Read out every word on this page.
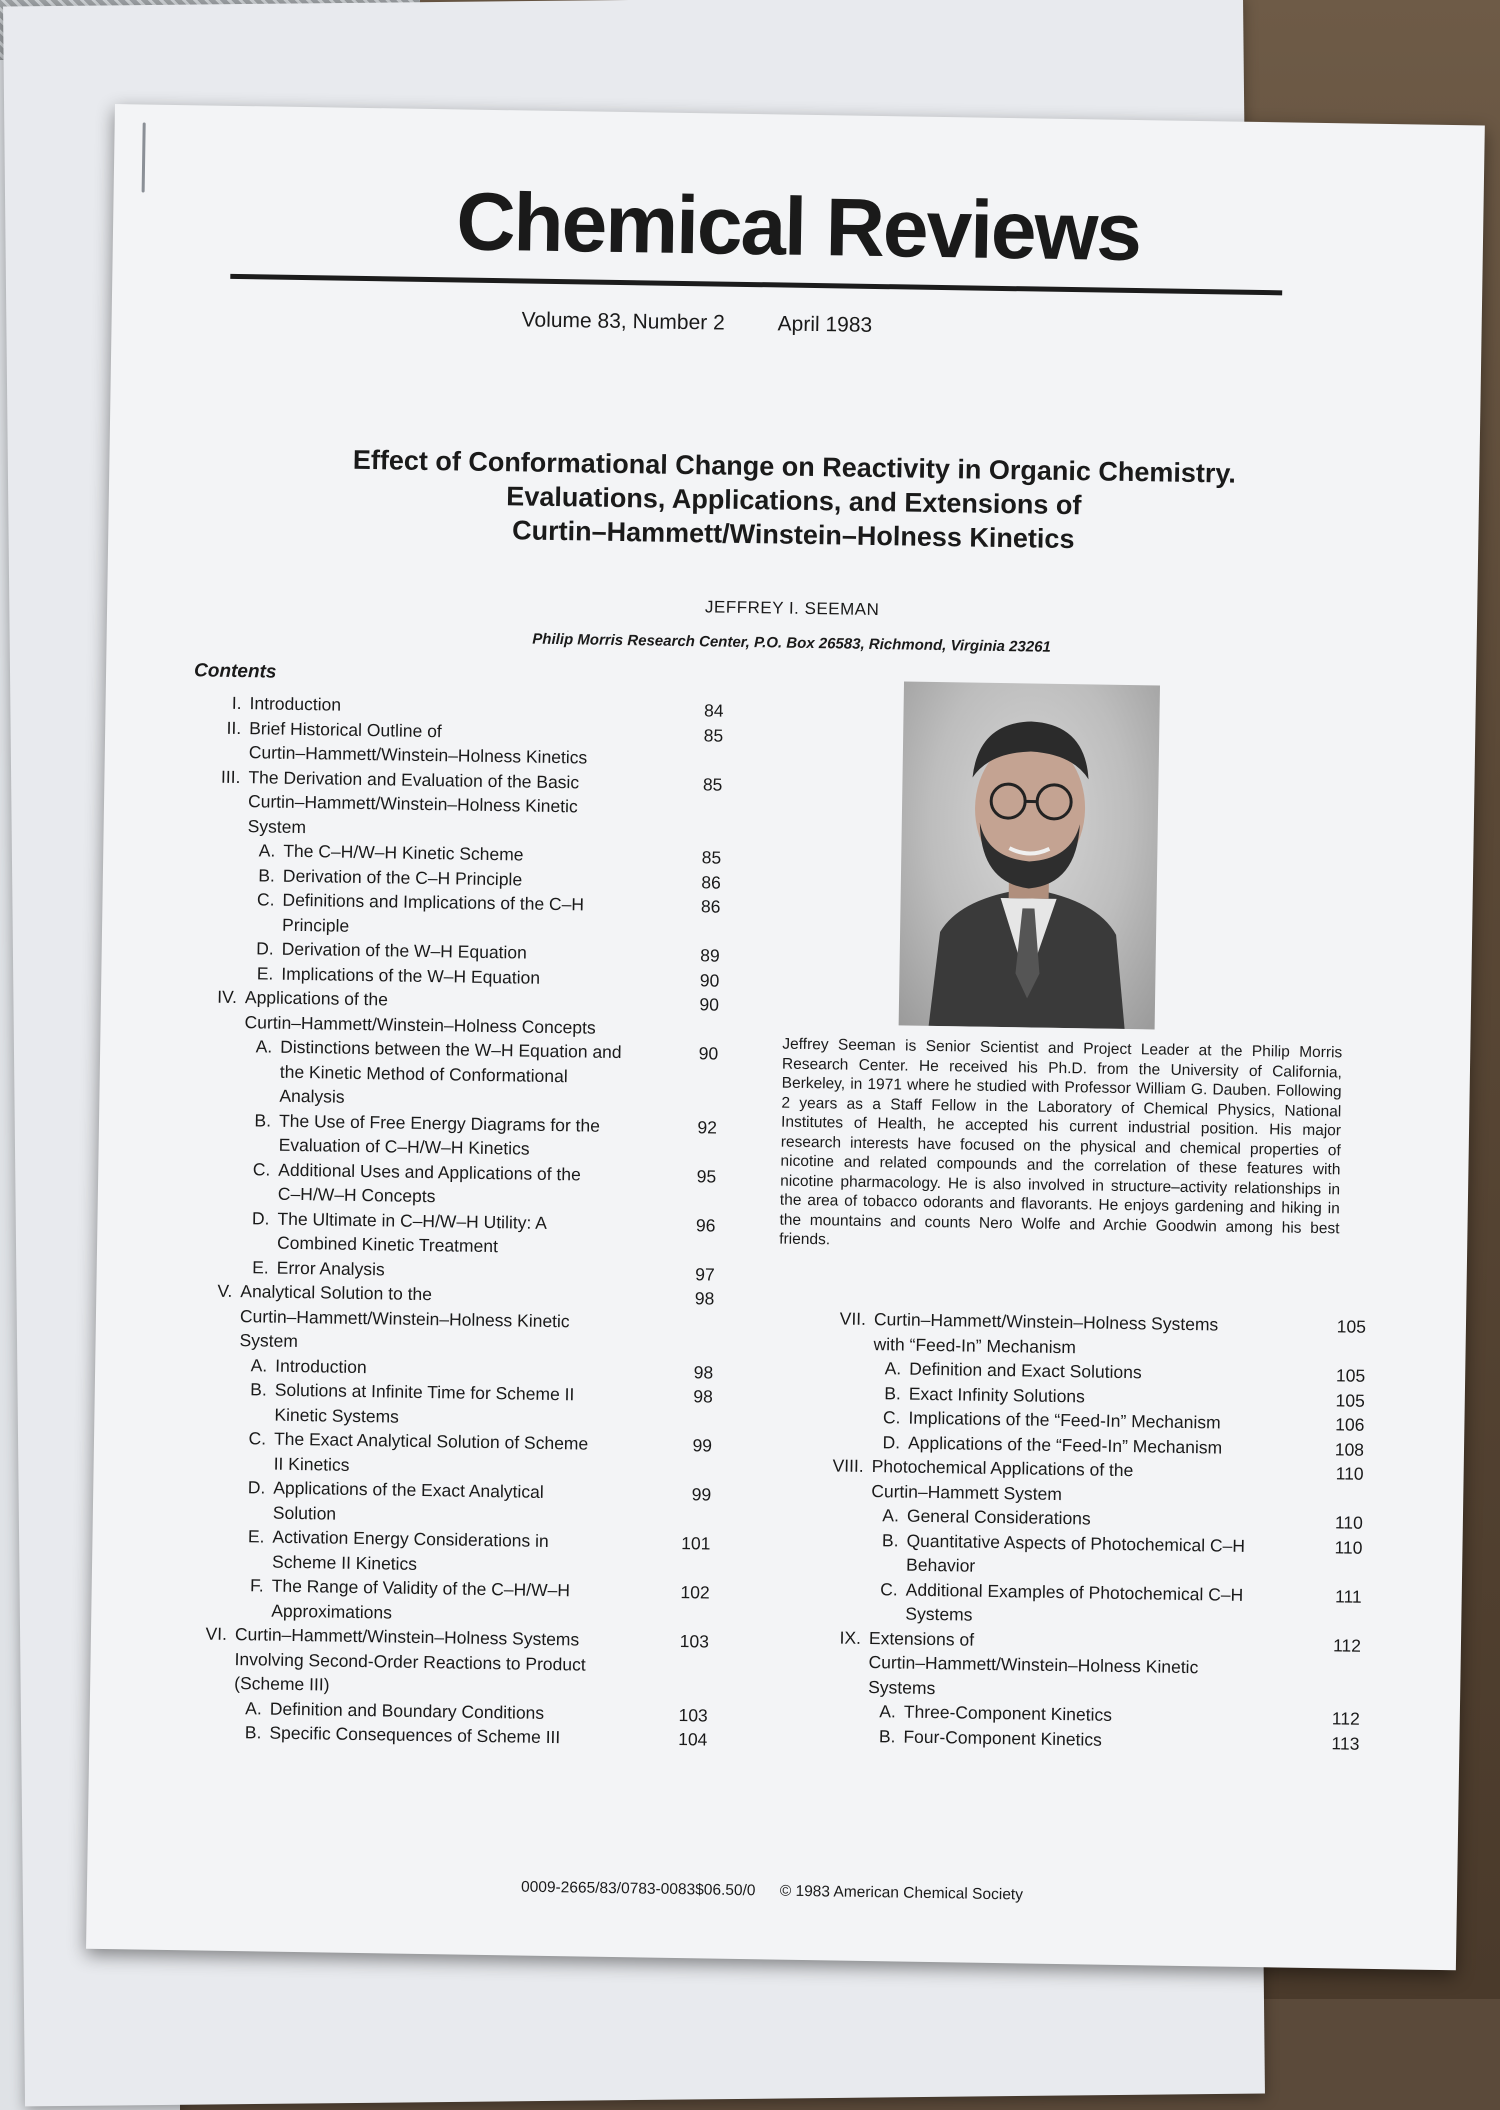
Chemical Reviews
Volume 83, Number 2	April 1983
Effect of Conformational Change on Reactivity in Organic Chemistry.
Evaluations, Applications, and Extensions of
Curtin–Hammett/Winstein–Holness Kinetics
JEFFREY I. SEEMAN
Philip Morris Research Center, P.O. Box 26583, Richmond, Virginia 23261
Contents
I. Introduction	84
II. Brief Historical Outline of
Curtin–Hammett/Winstein–Holness Kinetics
85
III. The Derivation and Evaluation of the Basic
Curtin–Hammett/Winstein–Holness Kinetic
System
85
A. The C–H/W–H Kinetic Scheme	85
B. Derivation of the C–H Principle	86
C. Definitions and Implications of the C–H
Principle
86
D. Derivation of the W–H Equation	89
E. Implications of the W–H Equation	90
IV. Applications of the
Curtin–Hammett/Winstein–Holness Concepts
90
A. Distinctions between the W–H Equation and
the Kinetic Method of Conformational
Analysis
90
B. The Use of Free Energy Diagrams for the
Evaluation of C–H/W–H Kinetics
92
C. Additional Uses and Applications of the
C–H/W–H Concepts
95
D. The Ultimate in C–H/W–H Utility: A
Combined Kinetic Treatment
96
E. Error Analysis	97
V. Analytical Solution to the
Curtin–Hammett/Winstein–Holness Kinetic
System
98
A. Introduction	98
B. Solutions at Infinite Time for Scheme II
Kinetic Systems
98
C. The Exact Analytical Solution of Scheme
II Kinetics
99
D. Applications of the Exact Analytical
Solution
99
E. Activation Energy Considerations in
Scheme II Kinetics
101
F. The Range of Validity of the C–H/W–H
Approximations
102
VI. Curtin–Hammett/Winstein–Holness Systems
Involving Second-Order Reactions to Product
(Scheme III)
103
A. Definition and Boundary Conditions	103
B. Specific Consequences of Scheme III	104
Jeffrey Seeman is Senior Scientist and Project Leader at the Philip Morris Research Center. He received his Ph.D. from the University of California, Berkeley, in 1971 where he studied with Professor William G. Dauben. Following 2 years as a Staff Fellow in the Laboratory of Chemical Physics, National Institutes of Health, he accepted his current industrial position. His major research interests have focused on the physical and chemical properties of nicotine and related compounds and the correlation of these features with nicotine pharmacology. He is also involved in structure–activity relationships in the area of tobacco odorants and flavorants. He enjoys gardening and hiking in the mountains and counts Nero Wolfe and Archie Goodwin among his best friends.
VII. Curtin–Hammett/Winstein–Holness Systems
with “Feed-In” Mechanism
105
A. Definition and Exact Solutions	105
B. Exact Infinity Solutions	105
C. Implications of the “Feed-In” Mechanism	106
D. Applications of the “Feed-In” Mechanism	108
VIII. Photochemical Applications of the
Curtin–Hammett System
110
A. General Considerations	110
B. Quantitative Aspects of Photochemical C–H
Behavior
110
C. Additional Examples of Photochemical C–H
Systems
111
IX. Extensions of
Curtin–Hammett/Winstein–Holness Kinetic
Systems
112
A. Three-Component Kinetics	112
B. Four-Component Kinetics	113
0009-2665/83/0783-0083$06.50/0 © 1983 American Chemical Society
